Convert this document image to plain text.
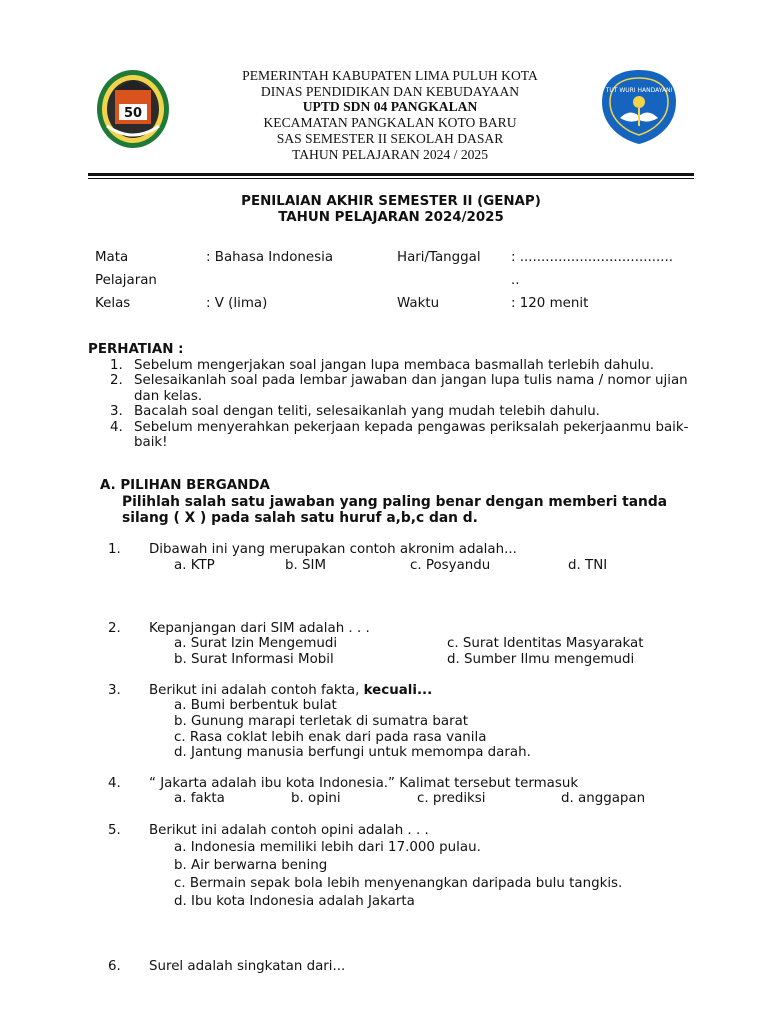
50
TUT WURI HANDAYANI
PEMERINTAH KABUPATEN LIMA PULUH KOTA
DINAS PENDIDIKAN DAN KEBUDAYAAN
UPTD SDN 04 PANGKALAN
KECAMATAN PANGKALAN KOTO BARU
SAS SEMESTER II SEKOLAH DASAR
TAHUN PELAJARAN 2024 / 2025
PENILAIAN AKHIR SEMESTER II (GENAP)
TAHUN PELAJARAN 2024/2025
Mata	: Bahasa Indonesia	Hari/Tanggal : ....................................
Pelajaran	..
Kelas	: V (lima)	Waktu	: 120 menit
PERHATIAN :
1. Sebelum mengerjakan soal jangan lupa membaca basmallah terlebih dahulu.
2. Selesaikanlah soal pada lembar jawaban dan jangan lupa tulis nama / nomor ujian dan kelas.
3. Bacalah soal dengan teliti, selesaikanlah yang mudah telebih dahulu.
4. Sebelum menyerahkan pekerjaan kepada pengawas periksalah pekerjaanmu baik-baik!
A. PILIHAN BERGANDA
Pilihlah salah satu jawaban yang paling benar dengan memberi tanda silang ( X ) pada salah satu huruf a,b,c dan d.
1. Dibawah ini yang merupakan contoh akronim adalah...
a. KTP	b. SIM	c. Posyandu	d. TNI
2. Kepanjangan dari SIM adalah . . .
a. Surat Izin Mengemudi	c. Surat Identitas Masyarakat
b. Surat Informasi Mobil	d. Sumber Ilmu mengemudi
3. Berikut ini adalah contoh fakta, kecuali...
a. Bumi berbentuk bulat
b. Gunung marapi terletak di sumatra barat
c. Rasa coklat lebih enak dari pada rasa vanila
d. Jantung manusia berfungi untuk memompa darah.
4. “ Jakarta adalah ibu kota Indonesia.” Kalimat tersebut termasuk
a. fakta	b. opini	c. prediksi	d. anggapan
5. Berikut ini adalah contoh opini adalah . . .
a. Indonesia memiliki lebih dari 17.000 pulau.
b. Air berwarna bening
c. Bermain sepak bola lebih menyenangkan daripada bulu tangkis.
d. Ibu kota Indonesia adalah Jakarta
6. Surel adalah singkatan dari...
